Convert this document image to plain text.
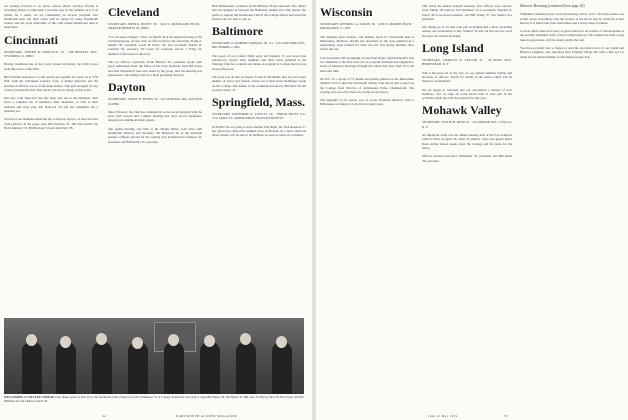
are looking forward to an active season ahead, because Florida is becoming almost as important a vacation spot in the summer as it is in winter. As a result, we are considering an all-year program. Our Dartmouth men and their wives will be joined by many Dartmouth visitors and the good fellowship of this club makes Dartmouth men at home here.

Cincinnati

SECRETARY, JOSEPH R. HANCOCK '34 · 448 HOWELL AVE., WYOMING 15, OHIO

Having weathered one of the worst winters in history, the Club's news from this area is rather thin.

Bill Portman announced a joint spring get-together for April 14 at 3:30 P.M. with the Cincinnati Country Club. A dinner followed and the election of officers was to be the main feature, with golf arranged for any of those braving the first. Bob Taylor '34 was in charge of this event.

Our new Club Directory has just been sent out to the members. This gives a complete list of members, their addresses, as well as their business and class year. Mr. Hancock '34 and his committee did a splendid job.

Several of our members made the trip to Dayton, April 2, to hear the Glee Club perform. In the group were Bill Portman '31, Jim Jack Parker '34, Bob Linkletter '33, Bill Borland '34 and John Hart '38.

Cleveland

SECRETARY, JOHN K. BUSEY '39 · 3410 S. MORELAND BLVD. · SHAKER HEIGHTS 20, OHIO

"For old sakes changes." Thus, on March 30 at the annual meeting of the Cleveland group, on new slate of officers held to the following: Frank A. Martin '38, president; Louis H. Kirby '34, vice president; Robert B. Canfield '32, secretary; Vic Gates '25, treasurer; and R. J. Wing '23, member of the board of directors.

The old officers, especially Frank Ballock '30, president, spoke with great enthusiasm about the future of the Club. Remarks from Bill Gates and Jack Vanderhoof were also heard by the group, then the meeting was adjourned to the dining room for a most gratifying steak fry.

Dayton

SECRETARY, JAMES W. HYNES '30 · 310 GUNCKEL RD., DAYTON 9, OHIO

Since February, the Club has continued its active social program with the Glee Club concert and a dinner meeting that drew record attendance among local alumni and their guests.

The spring meeting was held at the Miami Valley Golf Club with Dartmouth Director and Secretary Sid Hayward '26 as the principal speaker. Officers elected for the coming year include Dave Johnson '32, president, and Bill Keller '35, secretary.

Bull Hildebrand's orchestra in the Biltmore Hotel ballroom. The dinner hall and lounges in between the Baltimore alumni and Club guests. We prefer to support the Dartmouth Club in the College dances and welcome friends who are able to join us.

Baltimore

SECRETARY, D. ROBERT YARNALL JR. '41 · 219 GUILFORD AVE., BALTIMORE 2, MD.

The report of our Ladies Night party on February 15 was more than satisfactory. Nearly sixty members and their wives gathered at the Elkridge Club for cocktails and dinner. A program of College movies was shown afterward.

The party was all that we hoped. A total of 28 alumni, plus an even larger number of wives and friends, turned out to hear Dean Neidlinger speak on the College. Our thanks to the committee headed by Bill Bell '38 and George Lipsey '41.

Springfield, Mass.

SECRETARY, WINTHROP A. LOVETT '43 · UNION TRUST CO., 1351 MAIN ST., SPRINGFIELD, MASSACHUSETTS

PLEASE! We are going to have another Fun Night. Dr. Paul Rondeau '11 has graciously offered his summer place in Monson for a more elaborate affair. Details will be sent to all members as soon as plans are complete.

WELCOMING A COLLEGE VISITOR at the dinner given on Feb. 16 by the Dartmouth Club of Dayton for Bob Fedkinson '51 of College dormitories were (left to right) Bill Hynes '30, Jim Hynes '31, Bill Gale '33, Harvey Bolt '35, Bob Taylor '40, Bob Huffman '42, and Charles Carrick '56.
34	DARTMOUTH ALUMNI MAGAZINE
Wisconsin

SECRETARY, WENDELL A. EATON '39 · 4130 N. MORRIS BLVD. · MILWAUKEE 11, WIS.

The sleeping giant awakes... On Sunday, April 15, Dartmouth men in Milwaukee, Madison, Racine and elsewhere in the state gathered in a surprisingly large turnout for what was the first spring meeting since before the war.

Last November, Bill Konkright '32 and Paul Payne '36 (Dartmouth's first two freshmen of the fall) took over as program chairmen and organized a series of luncheon meetings through the winter that drew from 25 to 40 men each time.

On Feb. 15, a group of 73 alumni and guests gathered at the Milwaukee Athletic Club to hear the Dartmouth Outing Club movie and a report on the College from Director of Admissions Eddie Chamberlain. The evening was one of the most successful in our history.

The highlight of the season was of course President Dickey's visit to Milwaukee on January 12, the first in many years.

This being the annual banquet meeting, new officers were elected. Gene Marsh '28 replaces Ted Wollman '35 as president; Wendell A. Eaton '39 is secretary-treasurer; and Bill Young '37 was named vice president.

Our thanks go to all who took part in making this a most rewarding season, and particularly to Ray Schmitt '32 who for the last two years has been our tireless president.

Long Island

SECRETARY, CHARLES H. TAYLOR '31 · 18 ROXY AVE., HEMPSTEAD, N. Y.

June 6 has been set as the date for our annual Summer Outing and elections of officers. Watch for details in the notice which will be mailed to all members.

We are happy to welcome into our association a number of new members, and we urge all Long Island men to take part in the activities which the Club has planned for this year.

Mohawk Valley

SECRETARY, JUSTIN H. RYAN '41 · 16 GORDON AVE., UTICA 4, N. Y.

An important event was the dinner meeting held at the Fort Schuyler Club in Utica on April 20, when 35 alumni, wives and guests heard Dean Arthur Jensen speak about the College and the plans for the future.

Officers elected were Ross McMahon '33, president, and Bill Kline '38, secretary.

Hanover Browsing (continued from page 20)

Vilhjalmur Stefansson has a most interesting article, and a vital and serious one at that, about everything. Like the reviews of the Arctic lore by which he is best known, it is filled with wide observation and a lively sense of humor.

A book which must have been of great interest to all readers of this magazine is the recently published study of the College's history. The volume has been a long time in preparation, and the results justify the wait.

You have probably had a chance to read the excellent novel by our friend and Hanover neighbor, who describes New England village life with a fine eye for detail and an understanding of what makes people tick.

June or May 1951	35
